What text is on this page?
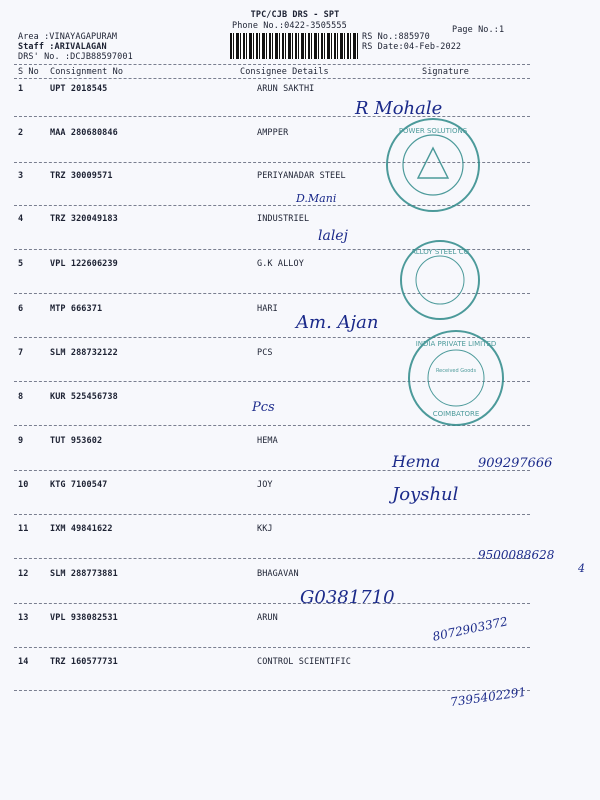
TPC/CJB DRS - SPT
Phone No.:0422-3505555	Page No.:1
Area :VINAYAGAPURAM
Staff :ARIVALAGAN
DRS' No. :DCJB88597001
RS No.:885970
RS Date:04-Feb-2022
S No Consignment No	Consignee Details	Signature
1	UPT 2018545	ARUN SAKTHI
2	MAA 280680846	AMPPER
3	TRZ 30009571	PERIYANADAR STEEL
4	TRZ 320049183	INDUSTRIEL
5	VPL 122606239	G.K ALLOY
6	MTP 666371	HARI
7	SLM 288732122	PCS
8	KUR 525456738
9	TUT 953602	HEMA
10	KTG 7100547	JOY
11	IXM 49841622	KKJ
12	SLM 288773881	BHAGAVAN
13	VPL 938082531	ARUN
14	TRZ 160577731	CONTROL SCIENTIFIC
POWER SOLUTIONS
ALLOY STEEL CO
INDIA PRIVATE LIMITED
Received Goods
COIMBATORE
R Mohale
D.Mani
lalej
Am. Ajan
Pcs
Hema	909297666
Joyshul
9500088628
4
G0381710
8072903372
7395402291
